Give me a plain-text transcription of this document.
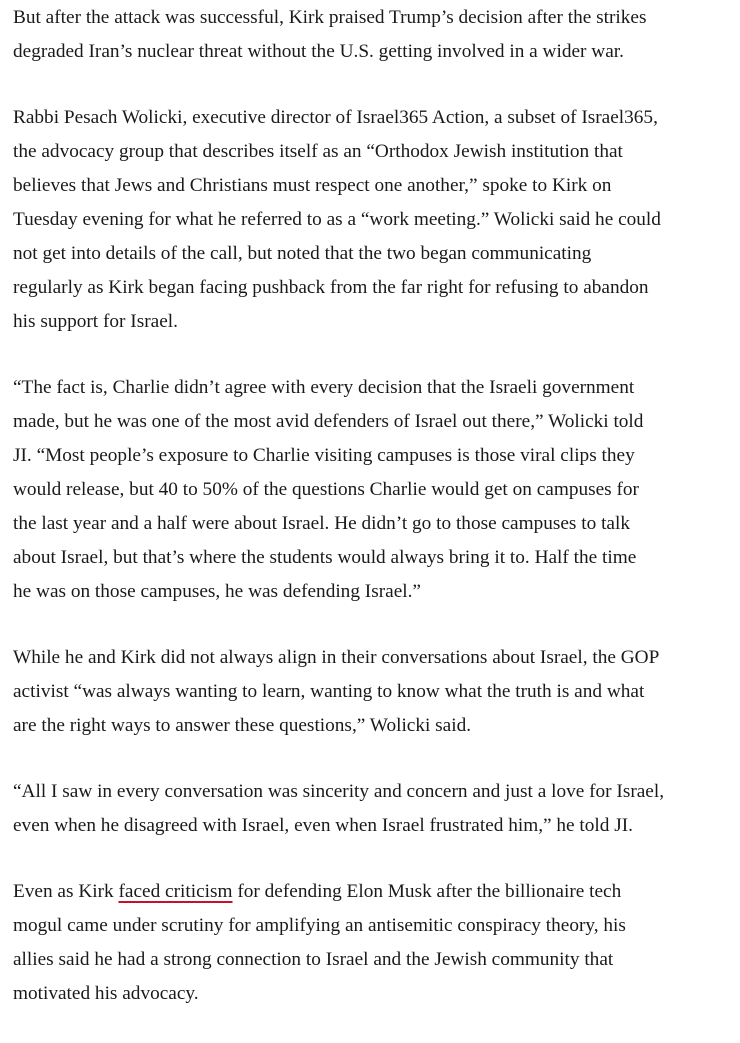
But after the attack was successful, Kirk praised Trump’s decision after the strikes
degraded Iran’s nuclear threat without the U.S. getting involved in a wider war.

Rabbi Pesach Wolicki, executive director of Israel365 Action, a subset of Israel365,
the advocacy group that describes itself as an “Orthodox Jewish institution that
believes that Jews and Christians must respect one another,” spoke to Kirk on
Tuesday evening for what he referred to as a “work meeting.” Wolicki said he could
not get into details of the call, but noted that the two began communicating
regularly as Kirk began facing pushback from the far right for refusing to abandon
his support for Israel.

“The fact is, Charlie didn’t agree with every decision that the Israeli government
made, but he was one of the most avid defenders of Israel out there,” Wolicki told
JI. “Most people’s exposure to Charlie visiting campuses is those viral clips they
would release, but 40 to 50% of the questions Charlie would get on campuses for
the last year and a half were about Israel. He didn’t go to those campuses to talk
about Israel, but that’s where the students would always bring it to. Half the time
he was on those campuses, he was defending Israel.”

While he and Kirk did not always align in their conversations about Israel, the GOP
activist “was always wanting to learn, wanting to know what the truth is and what
are the right ways to answer these questions,” Wolicki said.

“All I saw in every conversation was sincerity and concern and just a love for Israel,
even when he disagreed with Israel, even when Israel frustrated him,” he told JI.

Even as Kirk faced criticism for defending Elon Musk after the billionaire tech
mogul came under scrutiny for amplifying an antisemitic conspiracy theory, his
allies said he had a strong connection to Israel and the Jewish community that
motivated his advocacy.
